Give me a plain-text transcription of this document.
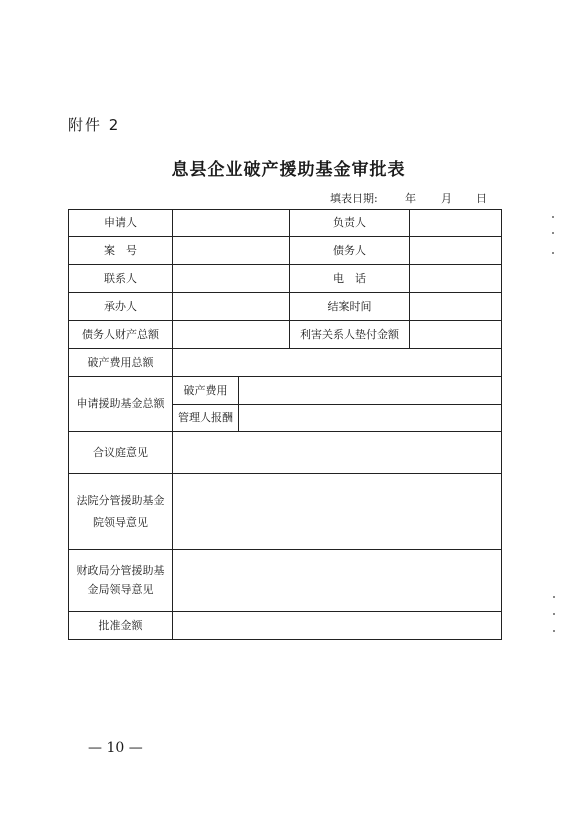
附件 2
息县企业破产援助基金审批表
填表日期: 年 月 日
申请人			负责人	
案　号			债务人	
联系人			电　话	
承办人			结案时间	
债务人财产总额			利害关系人垫付金额	
破产费用总额				
申请援助基金总额	破产费用			
	管理人报酬			
合议庭意见				
法院分管援助基金院领导意见				
财政局分管援助基金局领导意见				
批准金额				
— 10 —
